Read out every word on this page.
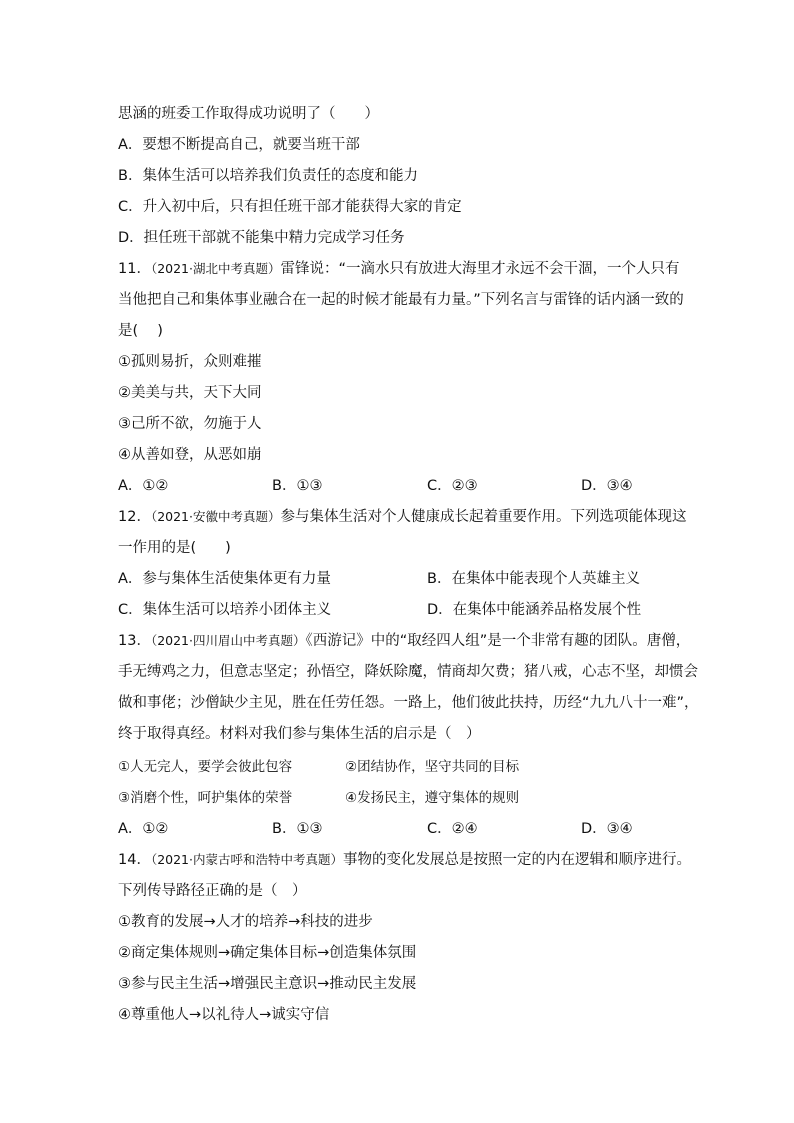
思涵的班委工作取得成功说明了（　　）

A．要想不断提高自己，就要当班干部

B．集体生活可以培养我们负责任的态度和能力

C．升入初中后，只有担任班干部才能获得大家的肯定

D．担任班干部就不能集中精力完成学习任务

11．（2021·湖北中考真题）雷锋说：“一滴水只有放进大海里才永远不会干涸，一个人只有

当他把自己和集体事业融合在一起的时候才能最有力量。”下列名言与雷锋的话内涵一致的

是(　 )

①孤则易折，众则难摧

②美美与共，天下大同

③己所不欲，勿施于人

④从善如登，从恶如崩

A．①②	B．①③	C．②③	D．③④

12．（2021·安徽中考真题）参与集体生活对个人健康成长起着重要作用。下列选项能体现这

一作用的是(　　)

A．参与集体生活使集体更有力量	B．在集体中能表现个人英雄主义

C．集体生活可以培养小团体主义	D．在集体中能涵养品格发展个性

13．（2021·四川眉山中考真题）《西游记》中的“取经四人组”是一个非常有趣的团队。唐僧，

手无缚鸡之力，但意志坚定；孙悟空，降妖除魔，情商却欠费；猪八戒，心志不坚，却惯会

做和事佬；沙僧缺少主见，胜在任劳任怨。一路上，他们彼此扶持，历经“九九八十一难”，

终于取得真经。材料对我们参与集体生活的启示是（　）

①人无完人，要学会彼此包容	②团结协作，坚守共同的目标

③消磨个性，呵护集体的荣誉	④发扬民主，遵守集体的规则

A．①②	B．①③	C．②④	D．③④

14．（2021·内蒙古呼和浩特中考真题）事物的变化发展总是按照一定的内在逻辑和顺序进行。

下列传导路径正确的是（　）

①教育的发展→人才的培养→科技的进步

②商定集体规则→确定集体目标→创造集体氛围

③参与民主生活→增强民主意识→推动民主发展

④尊重他人→以礼待人→诚实守信
